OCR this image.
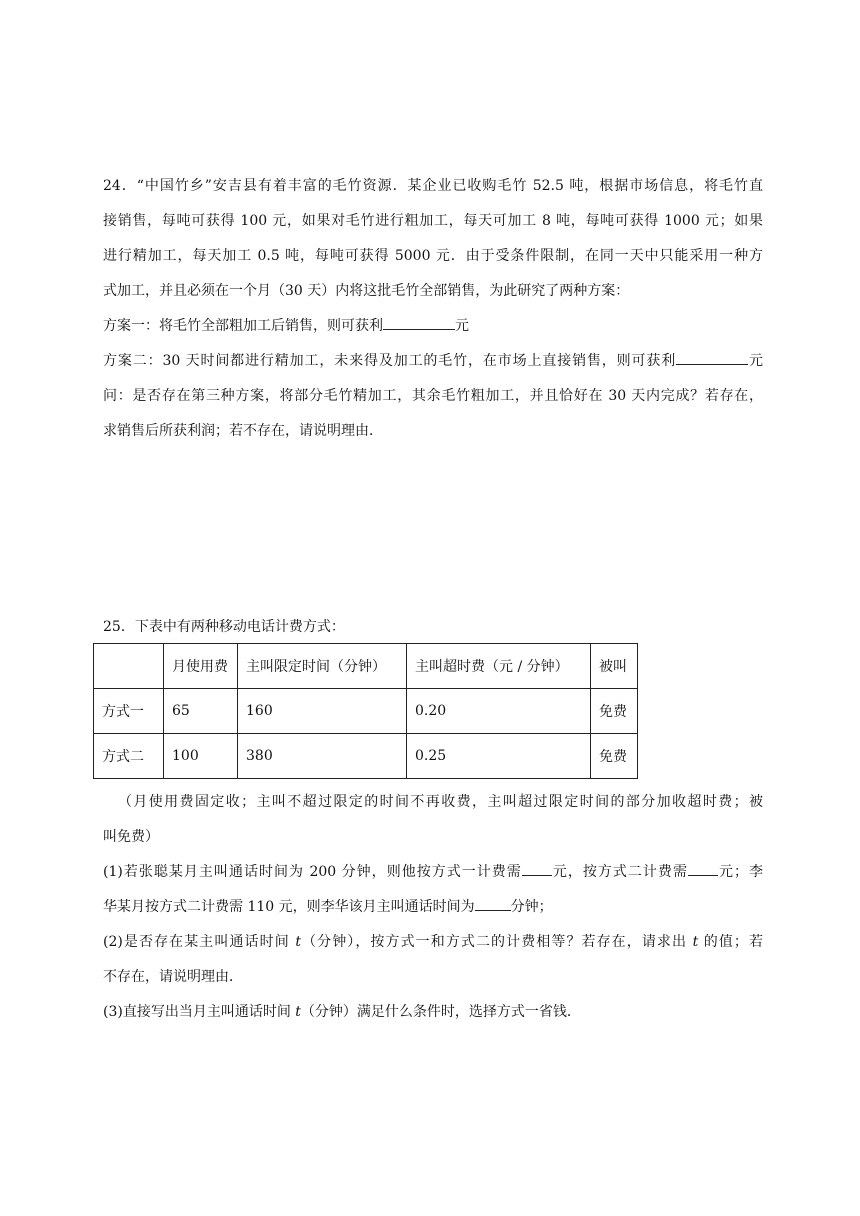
24．“中国竹乡”安吉县有着丰富的毛竹资源．某企业已收购毛竹 52.5 吨，根据市场信息，将毛竹直
接销售，每吨可获得 100 元，如果对毛竹进行粗加工，每天可加工 8 吨，每吨可获得 1000 元；如果
进行精加工，每天加工 0.5 吨，每吨可获得 5000 元．由于受条件限制，在同一天中只能采用一种方
式加工，并且必须在一个月（30 天）内将这批毛竹全部销售，为此研究了两种方案：
方案一：将毛竹全部粗加工后销售，则可获利	元
方案二：30 天时间都进行精加工，未来得及加工的毛竹，在市场上直接销售，则可获利	元
问：是否存在第三种方案，将部分毛竹精加工，其余毛竹粗加工，并且恰好在 30 天内完成？若存在，
求销售后所获利润；若不存在，请说明理由．
25．下表中有两种移动电话计费方式：
	月使用费	主叫限定时间（分钟）	主叫超时费（元 / 分钟）	被叫
方式一	65	160	0.20	免费
方式二	100	380	0.25	免费
（月使用费固定收；主叫不超过限定的时间不再收费，主叫超过限定时间的部分加收超时费；被
叫免费）
(1)若张聪某月主叫通话时间为 200 分钟，则他按方式一计费需 元，按方式二计费需 元；李
华某月按方式二计费需 110 元，则李华该月主叫通话时间为	分钟；
(2)是否存在某主叫通话时间 t（分钟），按方式一和方式二的计费相等？若存在，请求出 t 的值；若
不存在，请说明理由．
(3)直接写出当月主叫通话时间 t（分钟）满足什么条件时，选择方式一省钱．
